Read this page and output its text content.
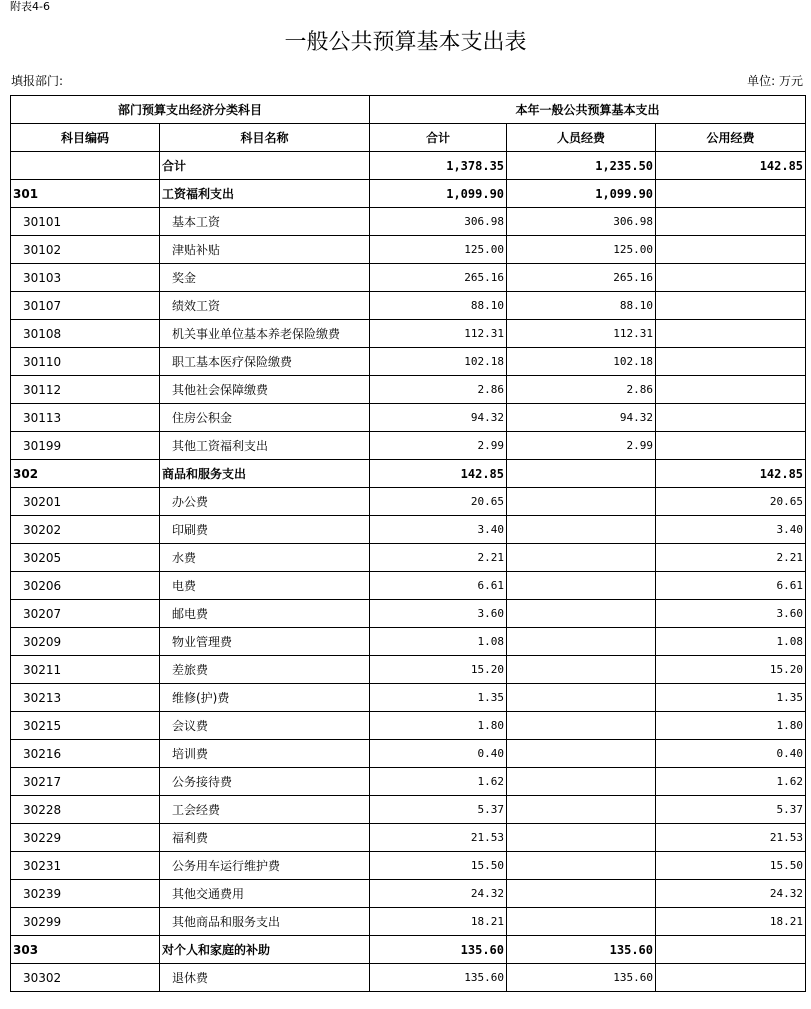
附表4-6
一般公共预算基本支出表
填报部门:	单位: 万元
部门预算支出经济分类科目		本年一般公共预算基本支出		
科目编码	科目名称	合计	人员经费	公用经费
	合计	1,378.35	1,235.50	142.85
301	工资福利支出	1,099.90	1,099.90	
30101	基本工资	306.98	306.98	
30102	津贴补贴	125.00	125.00	
30103	奖金	265.16	265.16	
30107	绩效工资	88.10	88.10	
30108	机关事业单位基本养老保险缴费	112.31	112.31	
30110	职工基本医疗保险缴费	102.18	102.18	
30112	其他社会保障缴费	2.86	2.86	
30113	住房公积金	94.32	94.32	
30199	其他工资福利支出	2.99	2.99	
302	商品和服务支出	142.85		142.85
30201	办公费	20.65		20.65
30202	印刷费	3.40		3.40
30205	水费	2.21		2.21
30206	电费	6.61		6.61
30207	邮电费	3.60		3.60
30209	物业管理费	1.08		1.08
30211	差旅费	15.20		15.20
30213	维修(护)费	1.35		1.35
30215	会议费	1.80		1.80
30216	培训费	0.40		0.40
30217	公务接待费	1.62		1.62
30228	工会经费	5.37		5.37
30229	福利费	21.53		21.53
30231	公务用车运行维护费	15.50		15.50
30239	其他交通费用	24.32		24.32
30299	其他商品和服务支出	18.21		18.21
303	对个人和家庭的补助	135.60	135.60	
30302	退休费	135.60	135.60	
